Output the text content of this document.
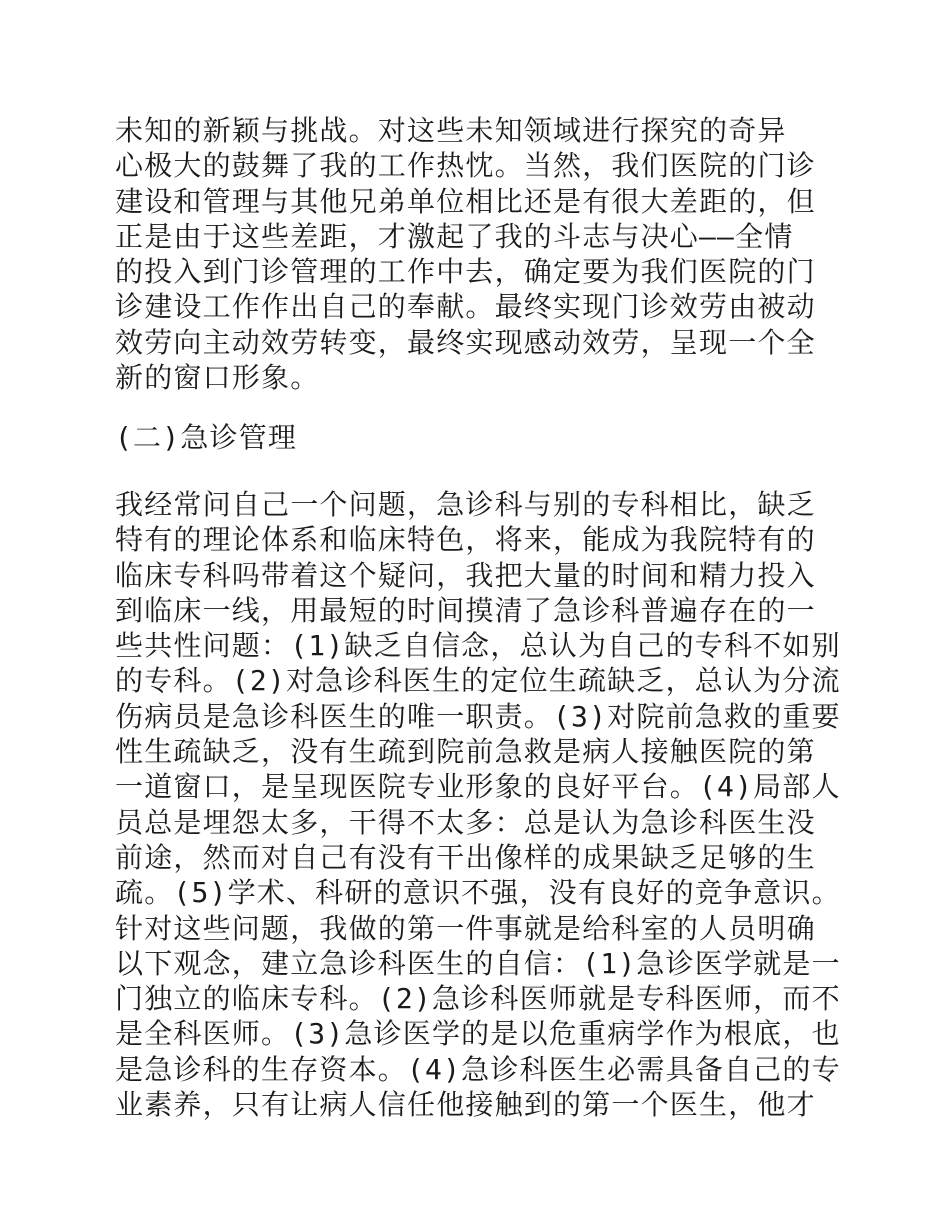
未知的新颖与挑战。对这些未知领域进行探究的奇异
心极大的鼓舞了我的工作热忱。当然，我们医院的门诊
建设和管理与其他兄弟单位相比还是有很大差距的，但
正是由于这些差距，才激起了我的斗志与决心——全情
的投入到门诊管理的工作中去，确定要为我们医院的门
诊建设工作作出自己的奉献。最终实现门诊效劳由被动
效劳向主动效劳转变，最终实现感动效劳，呈现一个全
新的窗口形象。
(二)急诊管理
我经常问自己一个问题，急诊科与别的专科相比，缺乏
特有的理论体系和临床特色，将来，能成为我院特有的
临床专科吗带着这个疑问，我把大量的时间和精力投入
到临床一线，用最短的时间摸清了急诊科普遍存在的一
些共性问题：(1)缺乏自信念，总认为自己的专科不如别
的专科。(2)对急诊科医生的定位生疏缺乏，总认为分流
伤病员是急诊科医生的唯一职责。(3)对院前急救的重要
性生疏缺乏，没有生疏到院前急救是病人接触医院的第
一道窗口，是呈现医院专业形象的良好平台。(4)局部人
员总是埋怨太多，干得不太多：总是认为急诊科医生没
前途，然而对自己有没有干出像样的成果缺乏足够的生
疏。(5)学术、科研的意识不强，没有良好的竞争意识。
针对这些问题，我做的第一件事就是给科室的人员明确
以下观念，建立急诊科医生的自信：(1)急诊医学就是一
门独立的临床专科。(2)急诊科医师就是专科医师，而不
是全科医师。(3)急诊医学的是以危重病学作为根底，也
是急诊科的生存资本。(4)急诊科医生必需具备自己的专
业素养，只有让病人信任他接触到的第一个医生，他才
